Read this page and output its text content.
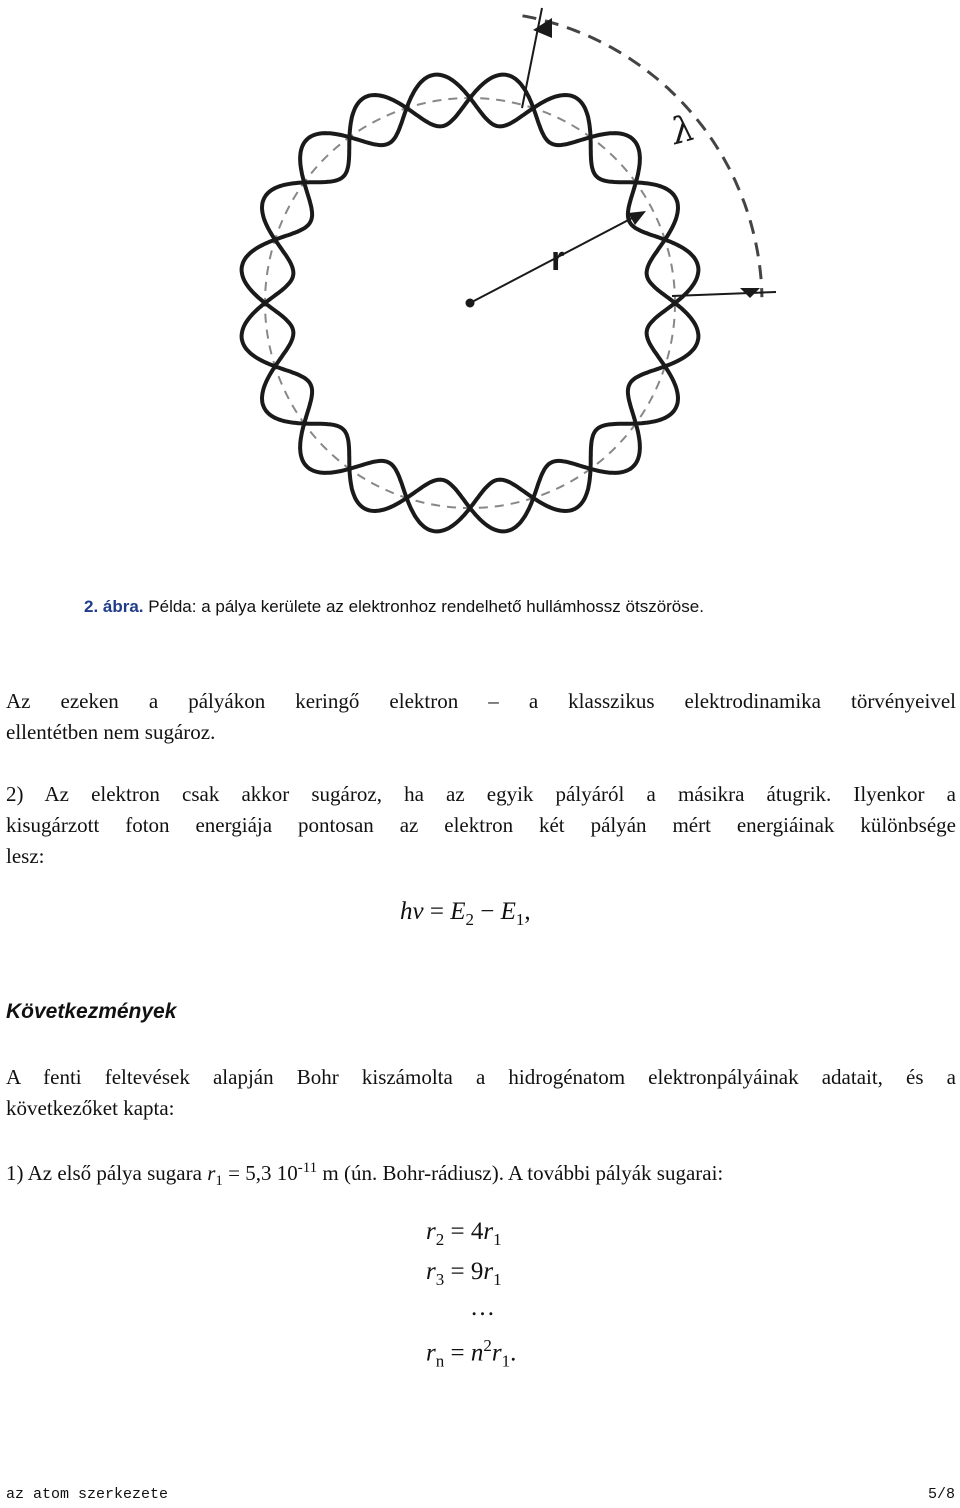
λ
r
2. ábra. Példa: a pálya kerülete az elektronhoz rendelhető hullámhossz ötszöröse.
Az ezeken a pályákon keringő elektron – a klasszikus elektrodinamika törvényeivel
ellentétben nem sugároz.
2) Az elektron csak akkor sugároz, ha az egyik pályáról a másikra átugrik. Ilyenkor a
kisugárzott foton energiája pontosan az elektron két pályán mért energiáinak különbsége
lesz:
$h\nu = E_2 - E_1$,
Következmények
A fenti feltevések alapján Bohr kiszámolta a hidrogénatom elektronpályáinak adatait, és a
következőket kapta:
1) Az első pálya sugara $r_1 = 5,3$ $10^{-11}$ m (ún. Bohr-rádiusz). A további pályák sugarai:
$r_2 = 4r_1$
$r_3 = 9r_1$
…
$r_n = n^2r_1$.
az atom szerkezete	5/8
